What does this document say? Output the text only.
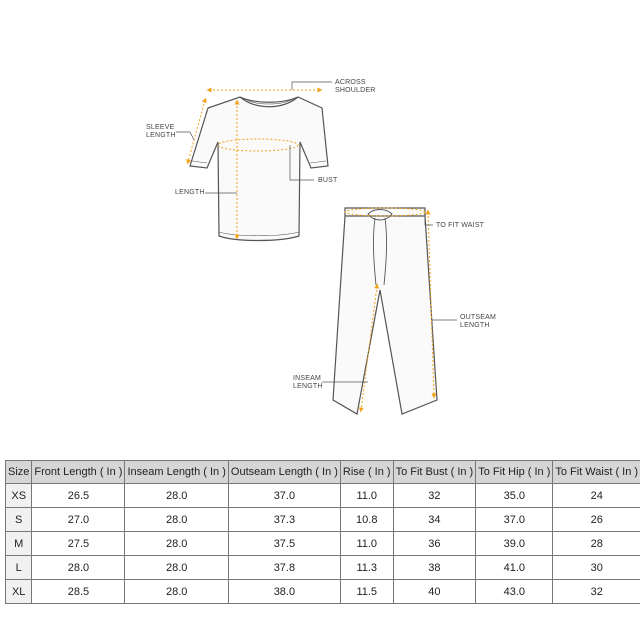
ACROSS
SHOULDER
SLEEVE
LENGTH
LENGTH
BUST
TO FIT WAIST
OUTSEAM
LENGTH
INSEAM
LENGTH
Size	Front Length ( In )	Inseam Length ( In )	Outseam Length ( In )	Rise ( In )	To Fit Bust ( In )	To Fit Hip ( In )	To Fit Waist ( In )
XS	26.5	28.0	37.0	11.0	32	35.0	24
S	27.0	28.0	37.3	10.8	34	37.0	26
M	27.5	28.0	37.5	11.0	36	39.0	28
L	28.0	28.0	37.8	11.3	38	41.0	30
XL	28.5	28.0	38.0	11.5	40	43.0	32
